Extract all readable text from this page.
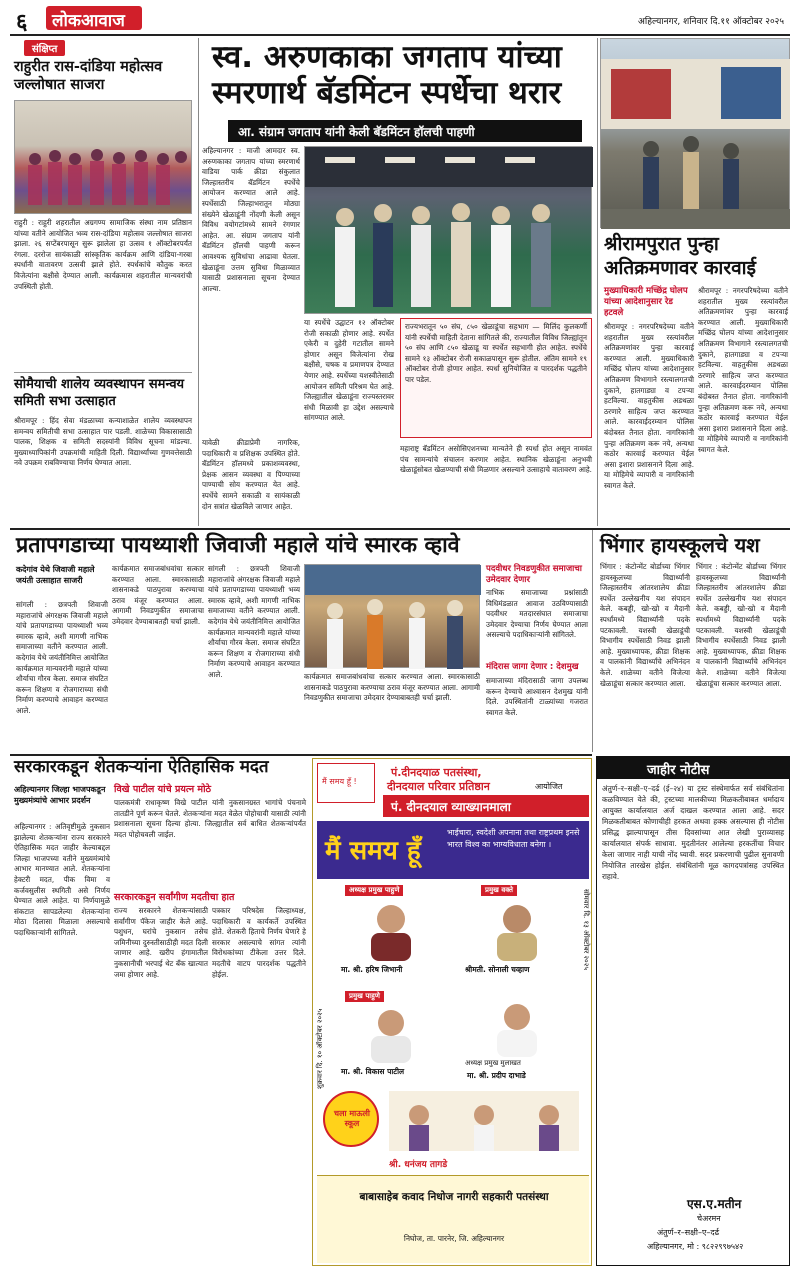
६ लोकआवाज	अहिल्यानगर, शनिवार दि.११ ऑक्टोबर २०२५
संक्षिप्त
राहुरीत रास-दांडिया महोत्सव जल्लोषात साजरा
राहुरी : राहुरी शहरातील अग्रगण्य सामाजिक संस्था नाम प्रतिष्ठान यांच्या वतीने आयोजित भव्य रास-दांडिया महोत्सव जल्लोषात साजरा झाला. २६ सप्टेंबरपासून सुरू झालेला हा उत्सव १ ऑक्टोबरपर्यंत रंगला. दररोज सायंकाळी सांस्कृतिक कार्यक्रम आणि दांडिया-गरबा स्पर्धांनी वातावरण उत्सवी झाले होते. स्पर्धकांचे कौतुक करत विजेत्यांना बक्षीसे देण्यात आली. कार्यक्रमास शहरातील मान्यवरांची उपस्थिती होती.
सोमैयाची शालेय व्यवस्थापन समन्वय समिती सभा उत्साहात
श्रीरामपूर : हिंद सेवा मंडळाच्या कन्याशाळेत शालेय व्यवस्थापन समन्वय समितीची सभा उत्साहात पार पडली. शाळेच्या विकासासाठी पालक, शिक्षक व समिती सदस्यांनी विविध सूचना मांडल्या. मुख्याध्यापिकांनी उपक्रमांची माहिती दिली. विद्यार्थ्यांच्या गुणवत्तेसाठी नवे उपक्रम राबविण्याचा निर्णय घेण्यात आला.
स्व. अरुणकाका जगताप यांच्या
स्मरणार्थ बॅडमिंटन स्पर्धेचा थरार
आ. संग्राम जगताप यांनी केली बॅडमिंटन हॉलची पाहणी
अहिल्यानगर : माजी आमदार स्व. अरुणकाका जगताप यांच्या स्मरणार्थ वाडिया पार्क क्रीडा संकुलात जिल्हास्तरीय बॅडमिंटन स्पर्धेचे आयोजन करण्यात आले आहे. स्पर्धेसाठी जिल्हाभरातून मोठ्या संख्येने खेळाडूंनी नोंदणी केली असून विविध वयोगटांमध्ये सामने रंगणार आहेत. आ. संग्राम जगताप यांनी बॅडमिंटन हॉलची पाहणी करून आवश्यक सुविधांचा आढावा घेतला. खेळाडूंना उत्तम सुविधा मिळाव्यात यासाठी प्रशासनाला सूचना देण्यात आल्या.
या स्पर्धेचे उद्घाटन १२ ऑक्टोबर रोजी सकाळी होणार आहे. स्पर्धेत एकेरी व दुहेरी गटातील सामने होणार असून विजेत्यांना रोख बक्षीसे, चषक व प्रमाणपत्र देण्यात येणार आहे. स्पर्धेच्या यशस्वीतेसाठी आयोजन समिती परिश्रम घेत आहे. जिल्ह्यातील खेळाडूंना राज्यस्तरावर संधी मिळावी हा उद्देश असल्याचे सांगण्यात आले.
राज्यभरातून ५० संघ, ८५० खेळाडूंचा सहभाग — मिलिंद कुलकर्णी यांनी स्पर्धेची माहिती देताना सांगितले की, राज्यातील विविध जिल्ह्यांतून ५० संघ आणि ८५० खेळाडू या स्पर्धेत सहभागी होत आहेत. स्पर्धेचे सामने १३ ऑक्टोबर रोजी सकाळपासून सुरू होतील. अंतिम सामने १९ ऑक्टोबर रोजी होणार आहेत. स्पर्धा सुनियोजित व पारदर्शक पद्धतीने पार पडेल.
महाराष्ट्र बॅडमिंटन असोसिएशनच्या मान्यतेने ही स्पर्धा होत असून नामवंत पंच सामन्यांचे संचालन करणार आहेत. स्थानिक खेळाडूंना अनुभवी खेळाडूंसोबत खेळण्याची संधी मिळणार असल्याने उत्साहाचे वातावरण आहे.
यावेळी क्रीडाप्रेमी नागरिक, पदाधिकारी व प्रशिक्षक उपस्थित होते. बॅडमिंटन हॉलमध्ये प्रकाशव्यवस्था, प्रेक्षक आसन व्यवस्था व पिण्याच्या पाण्याची सोय करण्यात येत आहे. स्पर्धेचे सामने सकाळी व सायंकाळी दोन सत्रांत खेळविले जाणार आहेत.
श्रीरामपुरात पुन्हा अतिक्रमणावर कारवाई
मुख्याधिकारी मच्छिंद्र घोलप यांच्या आदेशानुसार रेड हटवले
श्रीरामपूर : नगरपरिषदेच्या वतीने शहरातील मुख्य रस्त्यांवरील अतिक्रमणांवर पुन्हा कारवाई करण्यात आली. मुख्याधिकारी मच्छिंद्र घोलप यांच्या आदेशानुसार अतिक्रमण विभागाने रस्त्यालगतची दुकाने, हातगाड्या व टपऱ्या हटविल्या. वाहतुकीस अडथळा ठरणारे साहित्य जप्त करण्यात आले. कारवाईदरम्यान पोलिस बंदोबस्त तैनात होता. नागरिकांनी पुन्हा अतिक्रमण करू नये, अन्यथा कठोर कारवाई करण्यात येईल असा इशारा प्रशासनाने दिला आहे. या मोहिमेचे व्यापारी व नागरिकांनी स्वागत केले.
श्रीरामपूर : नगरपरिषदेच्या वतीने शहरातील मुख्य रस्त्यांवरील अतिक्रमणांवर पुन्हा कारवाई करण्यात आली. मुख्याधिकारी मच्छिंद्र घोलप यांच्या आदेशानुसार अतिक्रमण विभागाने रस्त्यालगतची दुकाने, हातगाड्या व टपऱ्या हटविल्या. वाहतुकीस अडथळा ठरणारे साहित्य जप्त करण्यात आले. कारवाईदरम्यान पोलिस बंदोबस्त तैनात होता. नागरिकांनी पुन्हा अतिक्रमण करू नये, अन्यथा कठोर कारवाई करण्यात येईल असा इशारा प्रशासनाने दिला आहे. या मोहिमेचे व्यापारी व नागरिकांनी स्वागत केले.
प्रतापगडाच्या पायथ्याशी जिवाजी महाले यांचे स्मारक व्हावे
कदेगांव येथे जिवाजी महाले जयंती उत्साहात साजरी
सांगली : छत्रपती शिवाजी महाराजांचे अंगरक्षक जिवाजी महाले यांचे प्रतापगडाच्या पायथ्याशी भव्य स्मारक व्हावे, अशी मागणी नाभिक समाजाच्या वतीने करण्यात आली. कदेगांव येथे जयंतीनिमित्त आयोजित कार्यक्रमात मान्यवरांनी महाले यांच्या शौर्याचा गौरव केला. समाज संघटित करून शिक्षण व रोजगाराच्या संधी निर्माण करण्याचे आवाहन करण्यात आले.
कार्यक्रमात समाजबांधवांचा सत्कार करण्यात आला. स्मारकासाठी शासनाकडे पाठपुरावा करण्याचा ठराव मंजूर करण्यात आला. आगामी निवडणुकीत समाजाचा उमेदवार देण्याबाबतही चर्चा झाली.
सांगली : छत्रपती शिवाजी महाराजांचे अंगरक्षक जिवाजी महाले यांचे प्रतापगडाच्या पायथ्याशी भव्य स्मारक व्हावे, अशी मागणी नाभिक समाजाच्या वतीने करण्यात आली. कदेगांव येथे जयंतीनिमित्त आयोजित कार्यक्रमात मान्यवरांनी महाले यांच्या शौर्याचा गौरव केला. समाज संघटित करून शिक्षण व रोजगाराच्या संधी निर्माण करण्याचे आवाहन करण्यात आले.	कार्यक्रमात समाजबांधवांचा सत्कार करण्यात आला. स्मारकासाठी शासनाकडे पाठपुरावा करण्याचा ठराव मंजूर करण्यात आला. आगामी निवडणुकीत समाजाचा उमेदवार देण्याबाबतही चर्चा झाली.
पदवीधर निवडणुकीत समाजाचा उमेदवार देणार
नाभिक समाजाच्या प्रश्नांसाठी विधिमंडळात आवाज उठविण्यासाठी पदवीधर मतदारसंघात समाजाचा उमेदवार देण्याचा निर्णय घेण्यात आला असल्याचे पदाधिकाऱ्यांनी सांगितले.
मंदिरास जागा देणार : देशमुख
समाजाच्या मंदिरासाठी जागा उपलब्ध करून देण्याचे आश्वासन देशमुख यांनी दिले. उपस्थितांनी टाळ्यांच्या गजरात स्वागत केले.
भिंगार हायस्कूलचे यश
भिंगार : कंटोन्मेंट बोर्डाच्या भिंगार हायस्कूलच्या विद्यार्थ्यांनी जिल्हास्तरीय आंतरशालेय क्रीडा स्पर्धेत उल्लेखनीय यश संपादन केले. कबड्डी, खो-खो व मैदानी स्पर्धांमध्ये विद्यार्थ्यांनी पदके पटकावली. यशस्वी खेळाडूंची विभागीय स्पर्धेसाठी निवड झाली आहे. मुख्याध्यापक, क्रीडा शिक्षक व पालकांनी विद्यार्थ्यांचे अभिनंदन केले. शाळेच्या वतीने विजेत्या खेळाडूंचा सत्कार करण्यात आला.
भिंगार : कंटोन्मेंट बोर्डाच्या भिंगार हायस्कूलच्या विद्यार्थ्यांनी जिल्हास्तरीय आंतरशालेय क्रीडा स्पर्धेत उल्लेखनीय यश संपादन केले. कबड्डी, खो-खो व मैदानी स्पर्धांमध्ये विद्यार्थ्यांनी पदके पटकावली. यशस्वी खेळाडूंची विभागीय स्पर्धेसाठी निवड झाली आहे. मुख्याध्यापक, क्रीडा शिक्षक व पालकांनी विद्यार्थ्यांचे अभिनंदन केले. शाळेच्या वतीने विजेत्या खेळाडूंचा सत्कार करण्यात आला.
जाहीर नोटीस
अंतुर्ण–र–सक्षी–ए–दर्ढ (ई–२४) या ट्रस्ट संस्थेमार्फत सर्व संबंधितांना कळविण्यात येते की, ट्रस्टच्या मालकीच्या मिळकतीबाबत धर्मादाय आयुक्त कार्यालयात अर्ज दाखल करण्यात आला आहे. सदर मिळकतीबाबत कोणाचीही हरकत अथवा हक्क असल्यास ही नोटीस प्रसिद्ध झाल्यापासून तीस दिवसांच्या आत लेखी पुराव्यासह कार्यालयात संपर्क साधावा. मुदतीनंतर आलेल्या हरकतींचा विचार केला जाणार नाही याची नोंद घ्यावी. सदर प्रकरणाची पुढील सुनावणी नियोजित तारखेस होईल. संबंधितांनी मूळ कागदपत्रांसह उपस्थित राहावे.
एस.ए.मतीन
चेअरमन
अंतुर्ण–र–सक्षी–ए–दर्ढ
अहिल्यानगर, मो : ९८२२९९७५४२
सरकारकडून शेतकऱ्यांना ऐतिहासिक मदत
अहिल्यानगर जिल्हा भाजपकडून मुख्यमंत्र्यांचे आभार प्रदर्शन
अहिल्यानगर : अतिवृष्टीमुळे नुकसान झालेल्या शेतकऱ्यांना राज्य सरकारने ऐतिहासिक मदत जाहीर केल्याबद्दल जिल्हा भाजपच्या वतीने मुख्यमंत्र्यांचे आभार मानण्यात आले. शेतकऱ्यांना हेक्टरी मदत, पीक विमा व कर्जवसुलीस स्थगिती असे निर्णय घेण्यात आले आहेत. या निर्णयामुळे संकटात सापडलेल्या शेतकऱ्यांना मोठा दिलासा मिळाला असल्याचे पदाधिकाऱ्यांनी सांगितले.
विखे पाटील यांचे प्रयत्न मोठे
पालकमंत्री राधाकृष्ण विखे पाटील यांनी नुकसानग्रस्त भागांचे पंचनामे तातडीने पूर्ण करून घेतले. शेतकऱ्यांना मदत वेळेत पोहोचावी यासाठी त्यांनी प्रशासनाला सूचना दिल्या होत्या. जिल्ह्यातील सर्व बाधित शेतकऱ्यांपर्यंत मदत पोहोचवली जाईल.
सरकारकडून सर्वांगीण मदतीचा हात
राज्य सरकारने शेतकऱ्यांसाठी सर्वांगीण पॅकेज जाहीर केले आहे. पशुधन, घरांचे नुकसान तसेच जमिनीच्या दुरुस्तीसाठीही मदत दिली जाणार आहे. खरीप हंगामातील नुकसानीची भरपाई थेट बँक खात्यात जमा होणार आहे.
पत्रकार परिषदेस जिल्हाध्यक्ष, पदाधिकारी व कार्यकर्ते उपस्थित होते. शेतकरी हिताचे निर्णय घेणारे हे सरकार असल्याचे सांगत त्यांनी विरोधकांच्या टीकेला उत्तर दिले. मदतीचे वाटप पारदर्शक पद्धतीने होईल.
मैं समय हूँ !
पं.दीनदयाळ पतसंस्था,
दीनदयाल परिवार प्रतिष्ठान	आयोजित
पं. दीनदयाल व्याख्यानमाला
मैं समय हूँ
भाईचारा, स्वदेशी अपनाना तथा राष्ट्रप्रथम इनसे भारत विश्व का भाग्यविधाता बनेगा ।
शुक्रवार दि. १० ऑक्टोबर २०२५
सोमवार दि. १३ ऑक्टोबर २०२५
अध्यक्ष प्रमुख पाहुणे
मा. श्री. हरिष जिभानी
प्रमुख वक्ते
श्रीमती. सोनाली चव्हाण
प्रमुख पाहुणे
मा. श्री. विकास पाटील
अध्यक्ष प्रमुख मुलाखत
मा. श्री. प्रदीप दाभाडे
चला माऊली स्कूल
श्री. धनंजय तागडे
बाबासाहेब कवाद निधोज नागरी सहकारी पतसंस्था
निघोज, ता. पारनेर, जि. अहिल्यानगर
